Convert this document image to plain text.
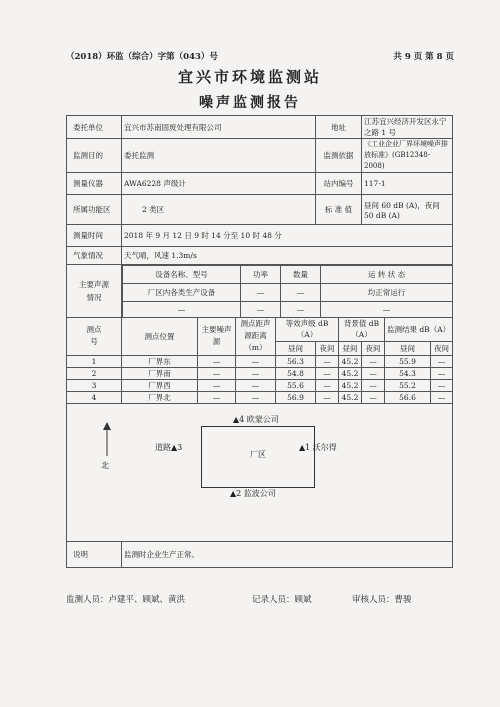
（2018）环监（综合）字第（043）号	共 9 页 第 8 页
宜兴市环境监测站
噪声监测报告
委托单位	宜兴市苏南固废处理有限公司	地址	江苏宜兴经济开发区永宁之路 1 号
监测目的	委托监测	监测依据	《工业企业厂界环境噪声排放标准》(GB12348-2008)
测量仪器	AWA6228 声级计	站内编号	117-1
所属功能区	2 类区	标 准 值	昼间 60 dB (A)，夜间 50 dB (A)
测量时间	2018 年 9 月 12 日 9 时 14 分至 10 时 48 分
气象情况	天气晴，风速 1.3m/s
主要声源情况	
设备名称、型号	功率	数量	运 转 状 态
厂区内各类生产设备	—	—	均正常运行
—	—	—	—

测点号	测点位置	主要噪声源	测点距声源距离（m）	等效声级 dB（A）	背景值 dB（A）	监测结果 dB（A）
昼间	夜间	昼间	夜间	昼间	夜间
1	厂界东	—	—	56.3	—	45.2	—	55.9	—
2	厂界南	—	—	54.8	—	45.2	—	54.3	—
3	厂界西	—	—	55.6	—	45.2	—	55.2	—
4	厂界北	—	—	56.9	—	45.2	—	56.6	—

北
厂区
▲4 欧蒙公司
▲1 沃尔得
▲2 监波公司
道路▲3

说明	监测时企业生产正常。
监测人员：卢建平、顾斌、黄洪	记录人员：顾斌	审核人员：曹骏
